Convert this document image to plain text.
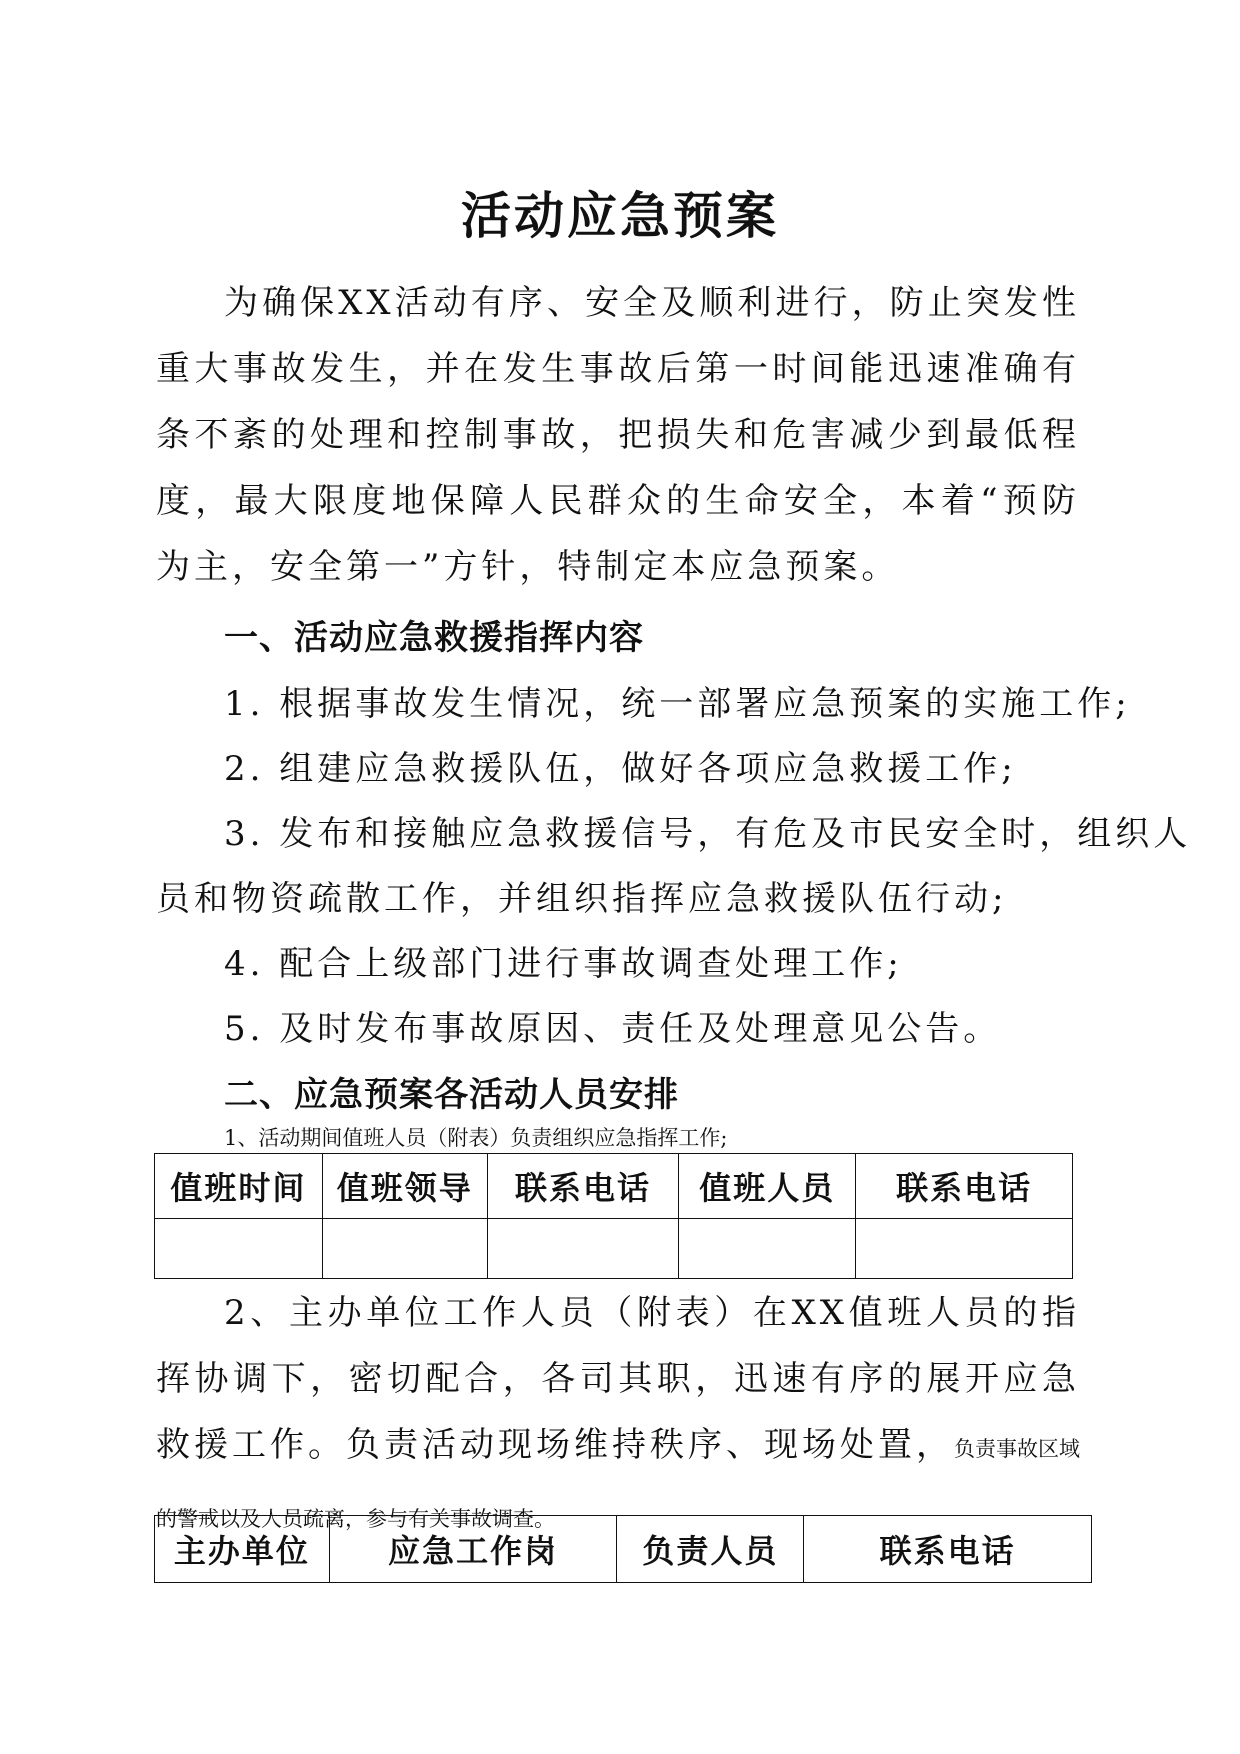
活动应急预案

为确保XX活动有序、安全及顺利进行，防止突发性重大事故发生，并在发生事故后第一时间能迅速准确有条不紊的处理和控制事故，把损失和危害减少到最低程度，最大限度地保障人民群众的生命安全，本着“预防为主，安全第一”方针，特制定本应急预案。

一、活动应急救援指挥内容
1. 根据事故发生情况，统一部署应急预案的实施工作;
2. 组建应急救援队伍，做好各项应急救援工作;
3. 发布和接触应急救援信号，有危及市民安全时，组织人
员和物资疏散工作，并组织指挥应急救援队伍行动;
4. 配合上级部门进行事故调查处理工作;
5. 及时发布事故原因、责任及处理意见公告。
二、应急预案各活动人员安排
1、活动期间值班人员（附表）负责组织应急指挥工作;
值班时间	值班领导	联系电话	值班人员	联系电话

2、主办单位工作人员（附表）在XX值班人员的指挥协调下，密切配合，各司其职，迅速有序的展开应急救援工作。负责活动现场维持秩序、现场处置，负责事故区域的警戒以及人员疏离，参与有关事故调查。

主办单位	应急工作岗	负责人员	联系电话
